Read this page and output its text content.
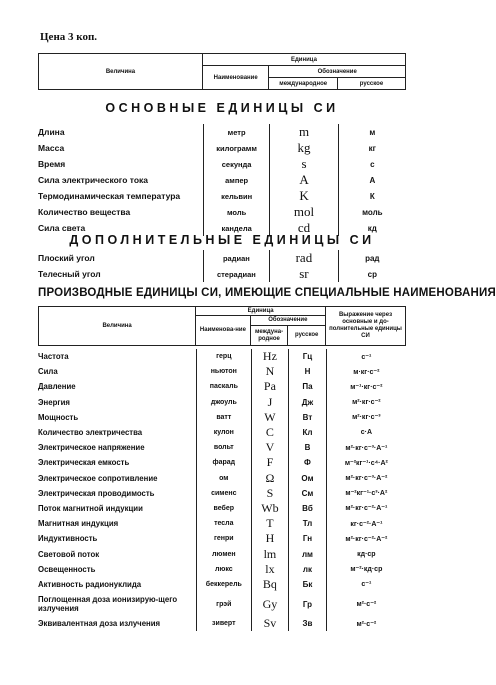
Цена 3 коп.
Величина	Единица		
	Наименование	Обозначение	
		международное	русское
ОСНОВНЫЕ ЕДИНИЦЫ СИ
Длина	метр	m	м
Масса	килограмм	kg	кг
Время	секунда	s	с
Сила электрического тока	ампер	A	А
Термодинамическая температура	кельвин	K	К
Количество вещества	моль	mol	моль
Сила света	кандела	cd	кд
ДОПОЛНИТЕЛЬНЫЕ ЕДИНИЦЫ СИ
Плоский угол	радиан	rad	рад
Телесный угол	стерадиан	sr	ср
ПРОИЗВОДНЫЕ ЕДИНИЦЫ СИ, ИМЕЮЩИЕ СПЕЦИАЛЬНЫЕ НАИМЕНОВАНИЯ
Величина	Единица			Выражение через основные и до-полнительные единицы СИ
	Наименова-ние	Обозначение		
		междуна-родное	русское	
Частота	герц	Hz	Гц	с⁻¹
Сила	ньютон	N	Н	м·кг·с⁻²
Давление	паскаль	Pa	Па	м⁻¹·кг·с⁻²
Энергия	джоуль	J	Дж	м²·кг·с⁻²
Мощность	ватт	W	Вт	м²·кг·с⁻³
Количество электричества	кулон	C	Кл	с·А
Электрическое напряжение	вольт	V	В	м²·кг·с⁻³·А⁻¹
Электрическая емкость	фарад	F	Ф	м⁻²кг⁻¹·с⁴·А²
Электрическое сопротивление	ом	Ω	Ом	м²·кг·с⁻³·А⁻²
Электрическая проводимость	сименс	S	См	м⁻²кг⁻¹·с³·А²
Поток магнитной индукции	вебер	Wb	Вб	м²·кг·с⁻²·А⁻¹
Магнитная индукция	тесла	T	Тл	кг·с⁻²·А⁻¹
Индуктивность	генри	H	Гн	м²·кг·с⁻²·А⁻²
Световой поток	люмен	lm	лм	кд·ср
Освещенность	люкс	lx	лк	м⁻²·кд·ср
Активность радионуклида	беккерель	Bq	Бк	с⁻¹
Поглощенная доза ионизирую-щего излучения	грэй	Gy	Гр	м²·с⁻²
Эквивалентная доза излучения	зиверт	Sv	Зв	м²·с⁻²
